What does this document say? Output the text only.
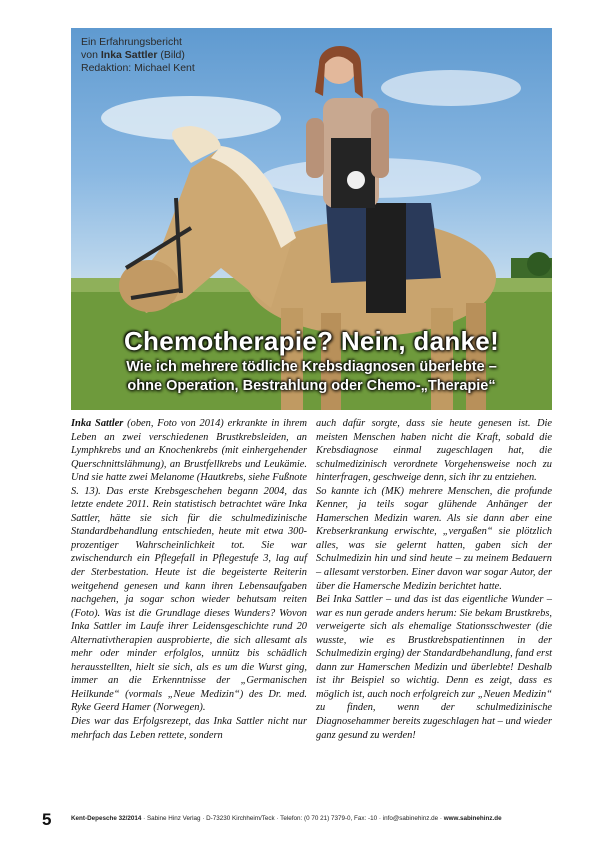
Ein Erfahrungsbericht
von Inka Sattler (Bild)
Redaktion: Michael Kent
Chemotherapie? Nein, danke!
Wie ich mehrere tödliche Krebsdiagnosen überlebte –
ohne Operation, Bestrahlung oder Chemo-„Therapie“

Inka Sattler (oben, Foto von 2014) erkrankte in ihrem Leben an zwei verschiedenen Brustkrebsleiden, an Lymphkrebs und an Knochenkrebs (mit einhergehender Querschnittslähmung), an Brustfellkrebs und Leukämie. Und sie hatte zwei Melanome (Hautkrebs, siehe Fußnote S. 13). Das erste Krebsgeschehen begann 2004, das letzte endete 2011. Rein statistisch betrachtet wäre Inka Sattler, hätte sie sich für die schulmedizinische Standardbehandlung entschieden, heute mit etwa 300-prozentiger Wahrscheinlichkeit tot. Sie war zwischendurch ein Pflegefall in Pflegestufe 3, lag auf der Sterbestation. Heute ist die begeisterte Reiterin weitgehend genesen und kann ihren Lebensaufgaben nachgehen, ja sogar schon wieder behutsam reiten (Foto). Was ist die Grundlage dieses Wunders? Wovon Inka Sattler im Laufe ihrer Leidensgeschichte rund 20 Alternativtherapien ausprobierte, die sich allesamt als mehr oder minder erfolglos, unnütz bis schädlich herausstellten, hielt sie sich, als es um die Wurst ging, immer an die Erkenntnisse der „Germanischen Heilkunde“ (vormals „Neue Medizin“) des Dr. med. Ryke Geerd Hamer (Norwegen).

Dies war das Erfolgsrezept, das Inka Sattler nicht nur mehrfach das Leben rettete, sondern

auch dafür sorgte, dass sie heute genesen ist. Die meisten Menschen haben nicht die Kraft, sobald die Krebsdiagnose einmal zugeschlagen hat, die schulmedizinisch verordnete Vorgehensweise noch zu hinterfragen, geschweige denn, sich ihr zu entziehen.

So kannte ich (MK) mehrere Menschen, die profunde Kenner, ja teils sogar glühende Anhänger der Hamerschen Medizin waren. Als sie dann aber eine Krebserkrankung erwischte, „vergaßen“ sie plötzlich alles, was sie gelernt hatten, gaben sich der Schulmedizin hin und sind heute – zu meinem Bedauern – allesamt verstorben. Einer davon war sogar Autor, der über die Hamersche Medizin berichtet hatte.

Bei Inka Sattler – und das ist das eigentliche Wunder – war es nun gerade anders herum: Sie bekam Brustkrebs, verweigerte sich als ehemalige Stationsschwester (die wusste, wie es Brustkrebspatientinnen in der Schulmedizin erging) der Standardbehandlung, fand erst dann zur Hamerschen Medizin und überlebte! Deshalb ist ihr Beispiel so wichtig. Denn es zeigt, dass es möglich ist, auch noch erfolgreich zur „Neuen Medizin“ zu finden, wenn der schulmedizinische Diagnosehammer bereits zugeschlagen hat – und wieder ganz gesund zu werden!

5	Kent-Depesche 32/2014 · Sabine Hinz Verlag · D-73230 Kirchheim/Teck · Telefon: (0 70 21) 7379-0, Fax: -10 · info@sabinehinz.de · www.sabinehinz.de
